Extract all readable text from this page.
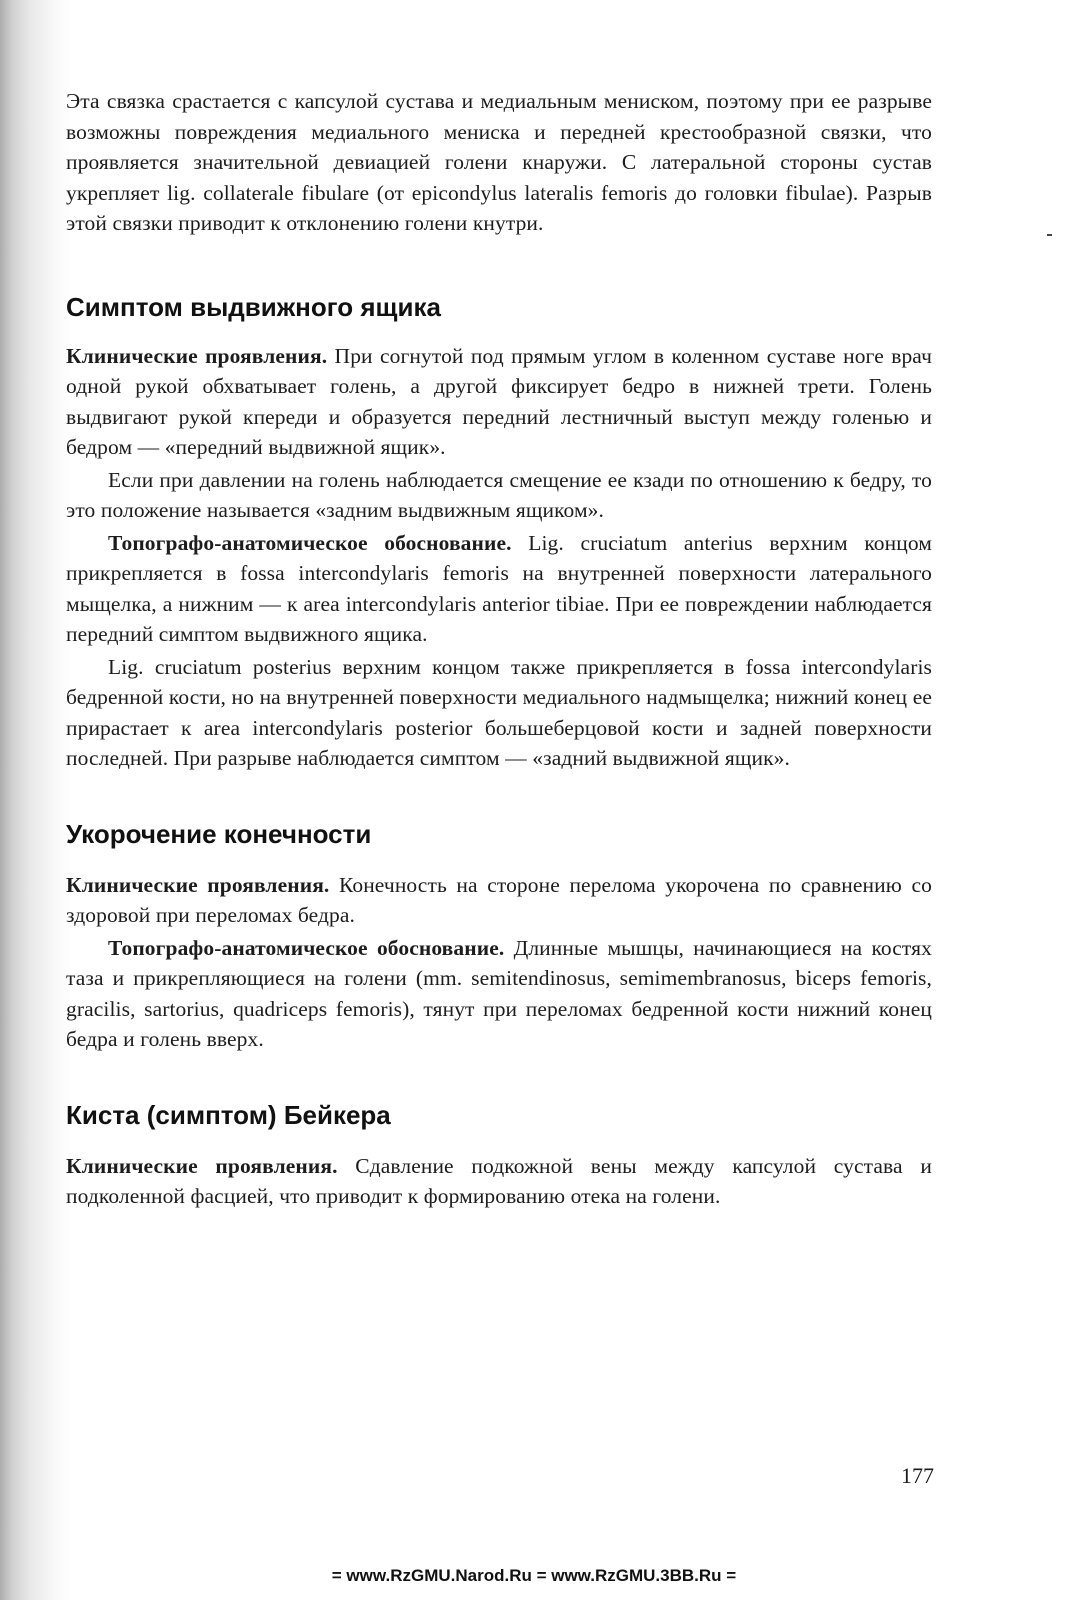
Эта связка срастается с капсулой сустава и медиальным мениском, поэтому при ее разрыве возможны повреждения медиального мениска и передней крестообразной связки, что проявляется значительной девиацией голени кнаружи. С латеральной стороны сустав укрепляет lig. collaterale fibulare (от epicondylus lateralis femoris до головки fibulae). Разрыв этой связки приводит к отклонению голени кнутри.

Симптом выдвижного ящика

Клинические проявления. При согнутой под прямым углом в коленном суставе ноге врач одной рукой обхватывает голень, а другой фиксирует бедро в нижней трети. Голень выдвигают рукой кпереди и образуется передний лестничный выступ между голенью и бедром — «передний выдвижной ящик».

Если при давлении на голень наблюдается смещение ее кзади по отношению к бедру, то это положение называется «задним выдвижным ящиком».

Топографо-анатомическое обоснование. Lig. cruciatum anterius верхним концом прикрепляется в fossa intercondylaris femoris на внутренней поверхности латерального мыщелка, а нижним — к area intercondylaris anterior tibiae. При ее повреждении наблюдается передний симптом выдвижного ящика.

Lig. cruciatum posterius верхним концом также прикрепляется в fossa intercondylaris бедренной кости, но на внутренней поверхности медиального надмыщелка; нижний конец ее прирастает к area intercondylaris posterior большеберцовой кости и задней поверхности последней. При разрыве наблюдается симптом — «задний выдвижной ящик».

Укорочение конечности

Клинические проявления. Конечность на стороне перелома укорочена по сравнению со здоровой при переломах бедра.

Топографо-анатомическое обоснование. Длинные мышцы, начинающиеся на костях таза и прикрепляющиеся на голени (mm. semitendinosus, semimembranosus, biceps femoris, gracilis, sartorius, quadriceps femoris), тянут при переломах бедренной кости нижний конец бедра и голень вверх.

Киста (симптом) Бейкера

Клинические проявления. Сдавление подкожной вены между капсулой сустава и подколенной фасцией, что приводит к формированию отека на голени.

177
= www.RzGMU.Narod.Ru = www.RzGMU.3BB.Ru =
